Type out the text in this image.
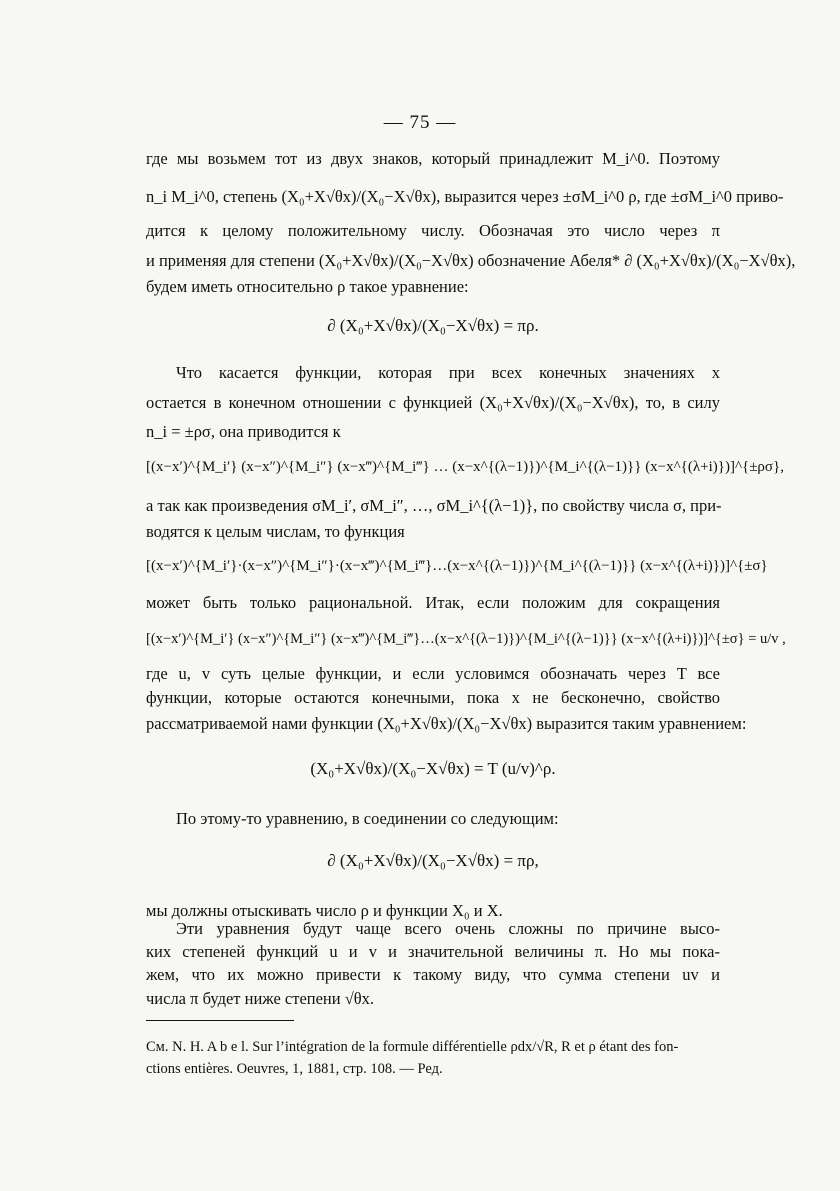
— 75 —
где мы возьмем тот из двух знаков, который принадлежит M_i^0. Поэтому
n_i M_i^0, степень (X₀+X√θx)/(X₀−X√θx), выразится через ±σM_i^0 ρ, где ±σM_i^0 приво-
дится к целому положительному числу. Обозначая это число через π
и применяя для степени (X₀+X√θx)/(X₀−X√θx) обозначение Абеля* ∂ (X₀+X√θx)/(X₀−X√θx),
будем иметь относительно ρ такое уравнение:
∂ (X₀+X√θx)/(X₀−X√θx) = πρ.
Что касается функции, которая при всех конечных значениях x
остается в конечном отношении с функцией (X₀+X√θx)/(X₀−X√θx), то, в силу
n_i = ±ρσ, она приводится к
[(x−x′)^{M_i′} (x−x″)^{M_i″} (x−x‴)^{M_i‴} … (x−x^{(λ−1)})^{M_i^{(λ−1)}} (x−x^{(λ+i)})]^{±ρσ},
а так как произведения σM_i′, σM_i″, …, σM_i^{(λ−1)}, по свойству числа σ, при-
водятся к целым числам, то функция
[(x−x′)^{M_i′}·(x−x″)^{M_i″}·(x−x‴)^{M_i‴}…(x−x^{(λ−1)})^{M_i^{(λ−1)}} (x−x^{(λ+i)})]^{±σ}
может быть только рациональной. Итак, если положим для сокращения
[(x−x′)^{M_i′} (x−x″)^{M_i″} (x−x‴)^{M_i‴}…(x−x^{(λ−1)})^{M_i^{(λ−1)}} (x−x^{(λ+i)})]^{±σ} = u/v ,
где u, v суть целые функции, и если условимся обозначать через T все
функции, которые остаются конечными, пока x не бесконечно, свойство
рассматриваемой нами функции (X₀+X√θx)/(X₀−X√θx) выразится таким уравнением:
(X₀+X√θx)/(X₀−X√θx) = T (u/v)^ρ.
По этому-то уравнению, в соединении со следующим:
∂ (X₀+X√θx)/(X₀−X√θx) = πρ,
мы должны отыскивать число ρ и функции X₀ и X.
Эти уравнения будут чаще всего очень сложны по причине высо-
ких степеней функций u и v и значительной величины π. Но мы пока-
жем, что их можно привести к такому виду, что сумма степени uv и
числа π будет ниже степени √θx.
См. N. H. A b e l. Sur l’intégration de la formule différentielle ρdx/√R, R et ρ étant des fon-
ctions entières. Oeuvres, 1, 1881, стр. 108. — Ред.
